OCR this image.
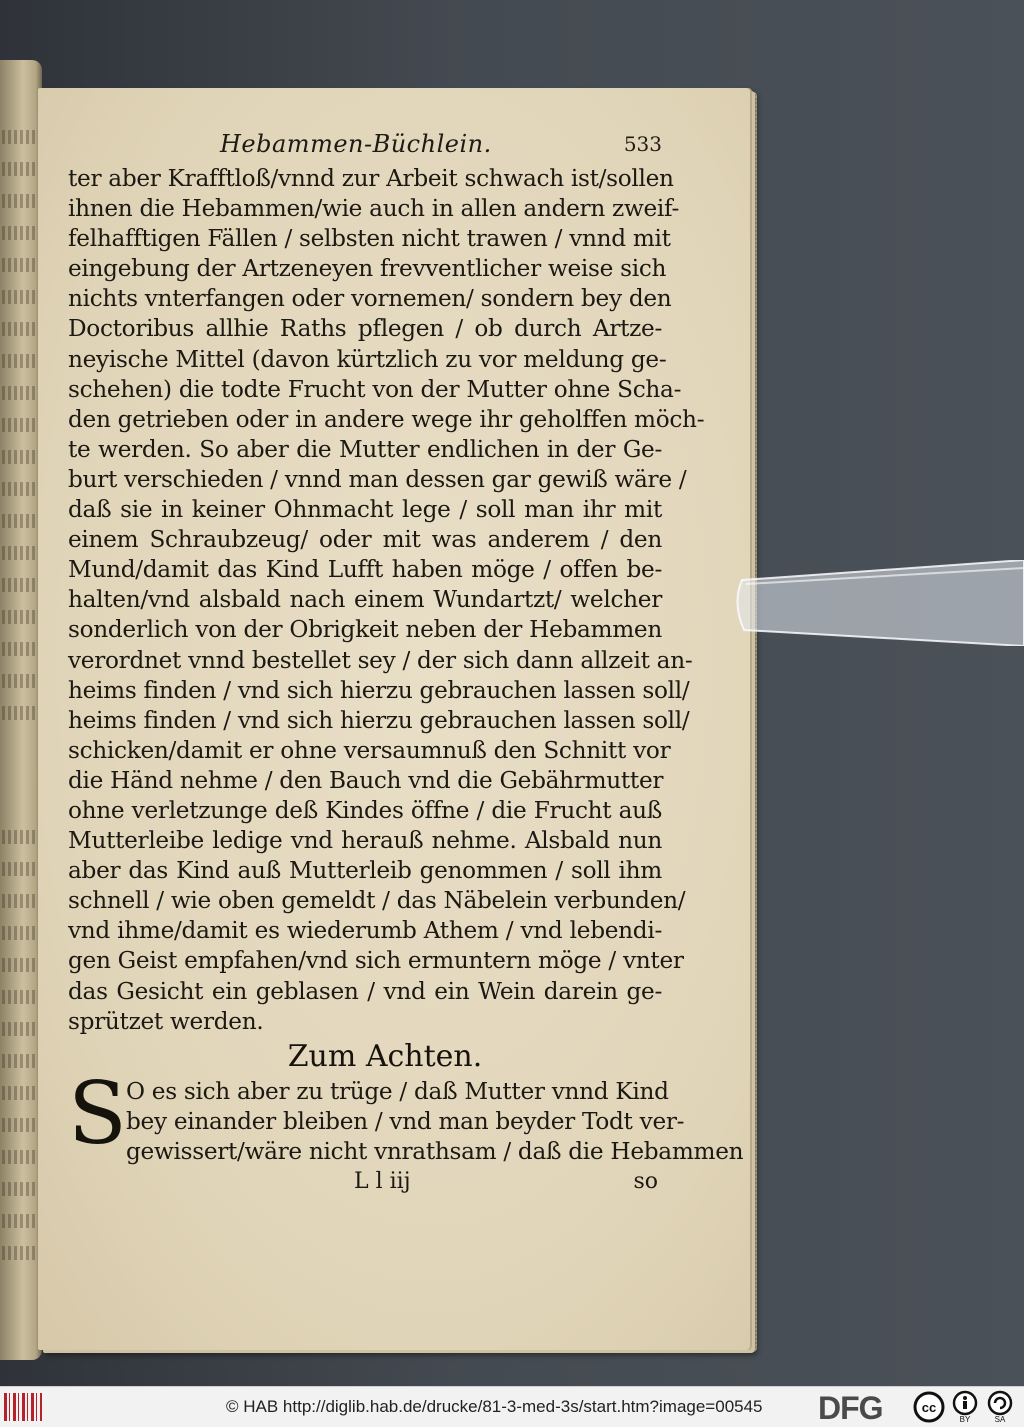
Hebammen-Büchlein.	533
ter aber Krafftloß/vnnd zur Arbeit schwach ist/sollen
ihnen die Hebammen/wie auch in allen andern zweif-
felhafftigen Fällen / selbsten nicht trawen / vnnd mit
eingebung der Artzeneyen frevventlicher weise sich
nichts vnterfangen oder vornemen/ sondern bey den
Doctoribus allhie Raths pflegen / ob durch Artze-
neyische Mittel (davon kürtzlich zu vor meldung ge-
schehen) die todte Frucht von der Mutter ohne Scha-
den getrieben oder in andere wege ihr geholffen möch-
te werden. So aber die Mutter endlichen in der Ge-
burt verschieden / vnnd man dessen gar gewiß wäre /
daß sie in keiner Ohnmacht lege / soll man ihr mit
einem Schraubzeug/ oder mit was anderem / den
Mund/damit das Kind Lufft haben möge / offen be-
halten/vnd alsbald nach einem Wundartzt/ welcher
sonderlich von der Obrigkeit neben der Hebammen
verordnet vnnd bestellet sey / der sich dann allzeit an-
heims finden / vnd sich hierzu gebrauchen lassen soll/
heims finden / vnd sich hierzu gebrauchen lassen soll/
schicken/damit er ohne versaumnuß den Schnitt vor
die Händ nehme / den Bauch vnd die Gebährmutter
ohne verletzunge deß Kindes öffne / die Frucht auß
Mutterleibe ledige vnd herauß nehme. Alsbald nun
aber das Kind auß Mutterleib genommen / soll ihm
schnell / wie oben gemeldt / das Näbelein verbunden/
vnd ihme/damit es wiederumb Athem / vnd lebendi-
gen Geist empfahen/vnd sich ermuntern möge / vnter
das Gesicht ein geblasen / vnd ein Wein darein ge-
sprützet werden.
Zum Achten.
S O es sich aber zu trüge / daß Mutter vnnd Kind
bey einander bleiben / vnd man beyder Todt ver-
gewissert/wäre nicht vnrathsam / daß die Hebammen
L l iij	so
© HAB http://diglib.hab.de/drucke/81-3-med-3s/start.htm?image=00545 DFG	cc
BY	SA
